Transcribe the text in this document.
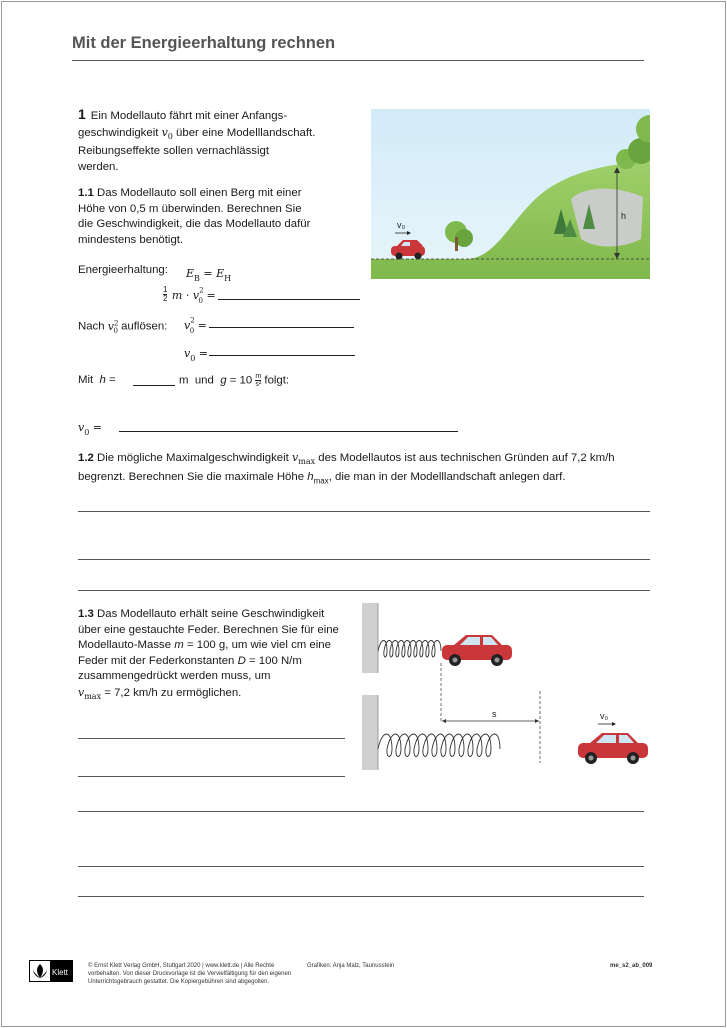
Mit der Energieerhaltung rechnen
1 Ein Modellauto fährt mit einer Anfangs-
geschwindigkeit $v_0$ über eine Modelllandschaft.
Reibungseffekte sollen vernachlässigt
werden.
1.1 Das Modellauto soll einen Berg mit einer
Höhe von 0,5 m überwinden. Berechnen Sie
die Geschwindigkeit, die das Modellauto dafür
mindestens benötigt.
Energieerhaltung: $E_B = E_H$
$\frac{1}{2}$ $m \cdot v^2_0$ =
Nach $v^2_0$ auflösen: $v^2_0$ =
$v_0$ =
Mit h =	m und $g = 10 \frac{m}{\text{s²}} folgt$:
$v_0$ =
h
v₀
1.2 Die mögliche Maximalgeschwindigkeit $v_{max}$ des Modellautos ist aus technischen Gründen auf 7,2 km/h
begrenzt. Berechnen Sie die maximale Höhe $h_{max}$, die man in der Modelllandschaft anlegen darf.
1.3 Das Modellauto erhält seine Geschwindigkeit
über eine gestauchte Feder. Berechnen Sie für eine
Modellauto-Masse m = 100 g, um wie viel cm eine
Feder mit der Federkonstanten D = 100 N/m
zusammengedrückt werden muss, um
$v_{max} = 7,2$ km/h zu ermöglichen.
s	v₀
Klett
© Ernst Klett Verlag GmbH, Stuttgart 2020 | www.klett.de | Alle Rechte
vorbehalten. Von dieser Druckvorlage ist die Vervielfältigung für den eigenen
Unterrichtsgebrauch gestattet. Die Kopiergebühren sind abgegolten.
Grafiken: Anja Malz, Taunusstein	me_s2_ab_009
